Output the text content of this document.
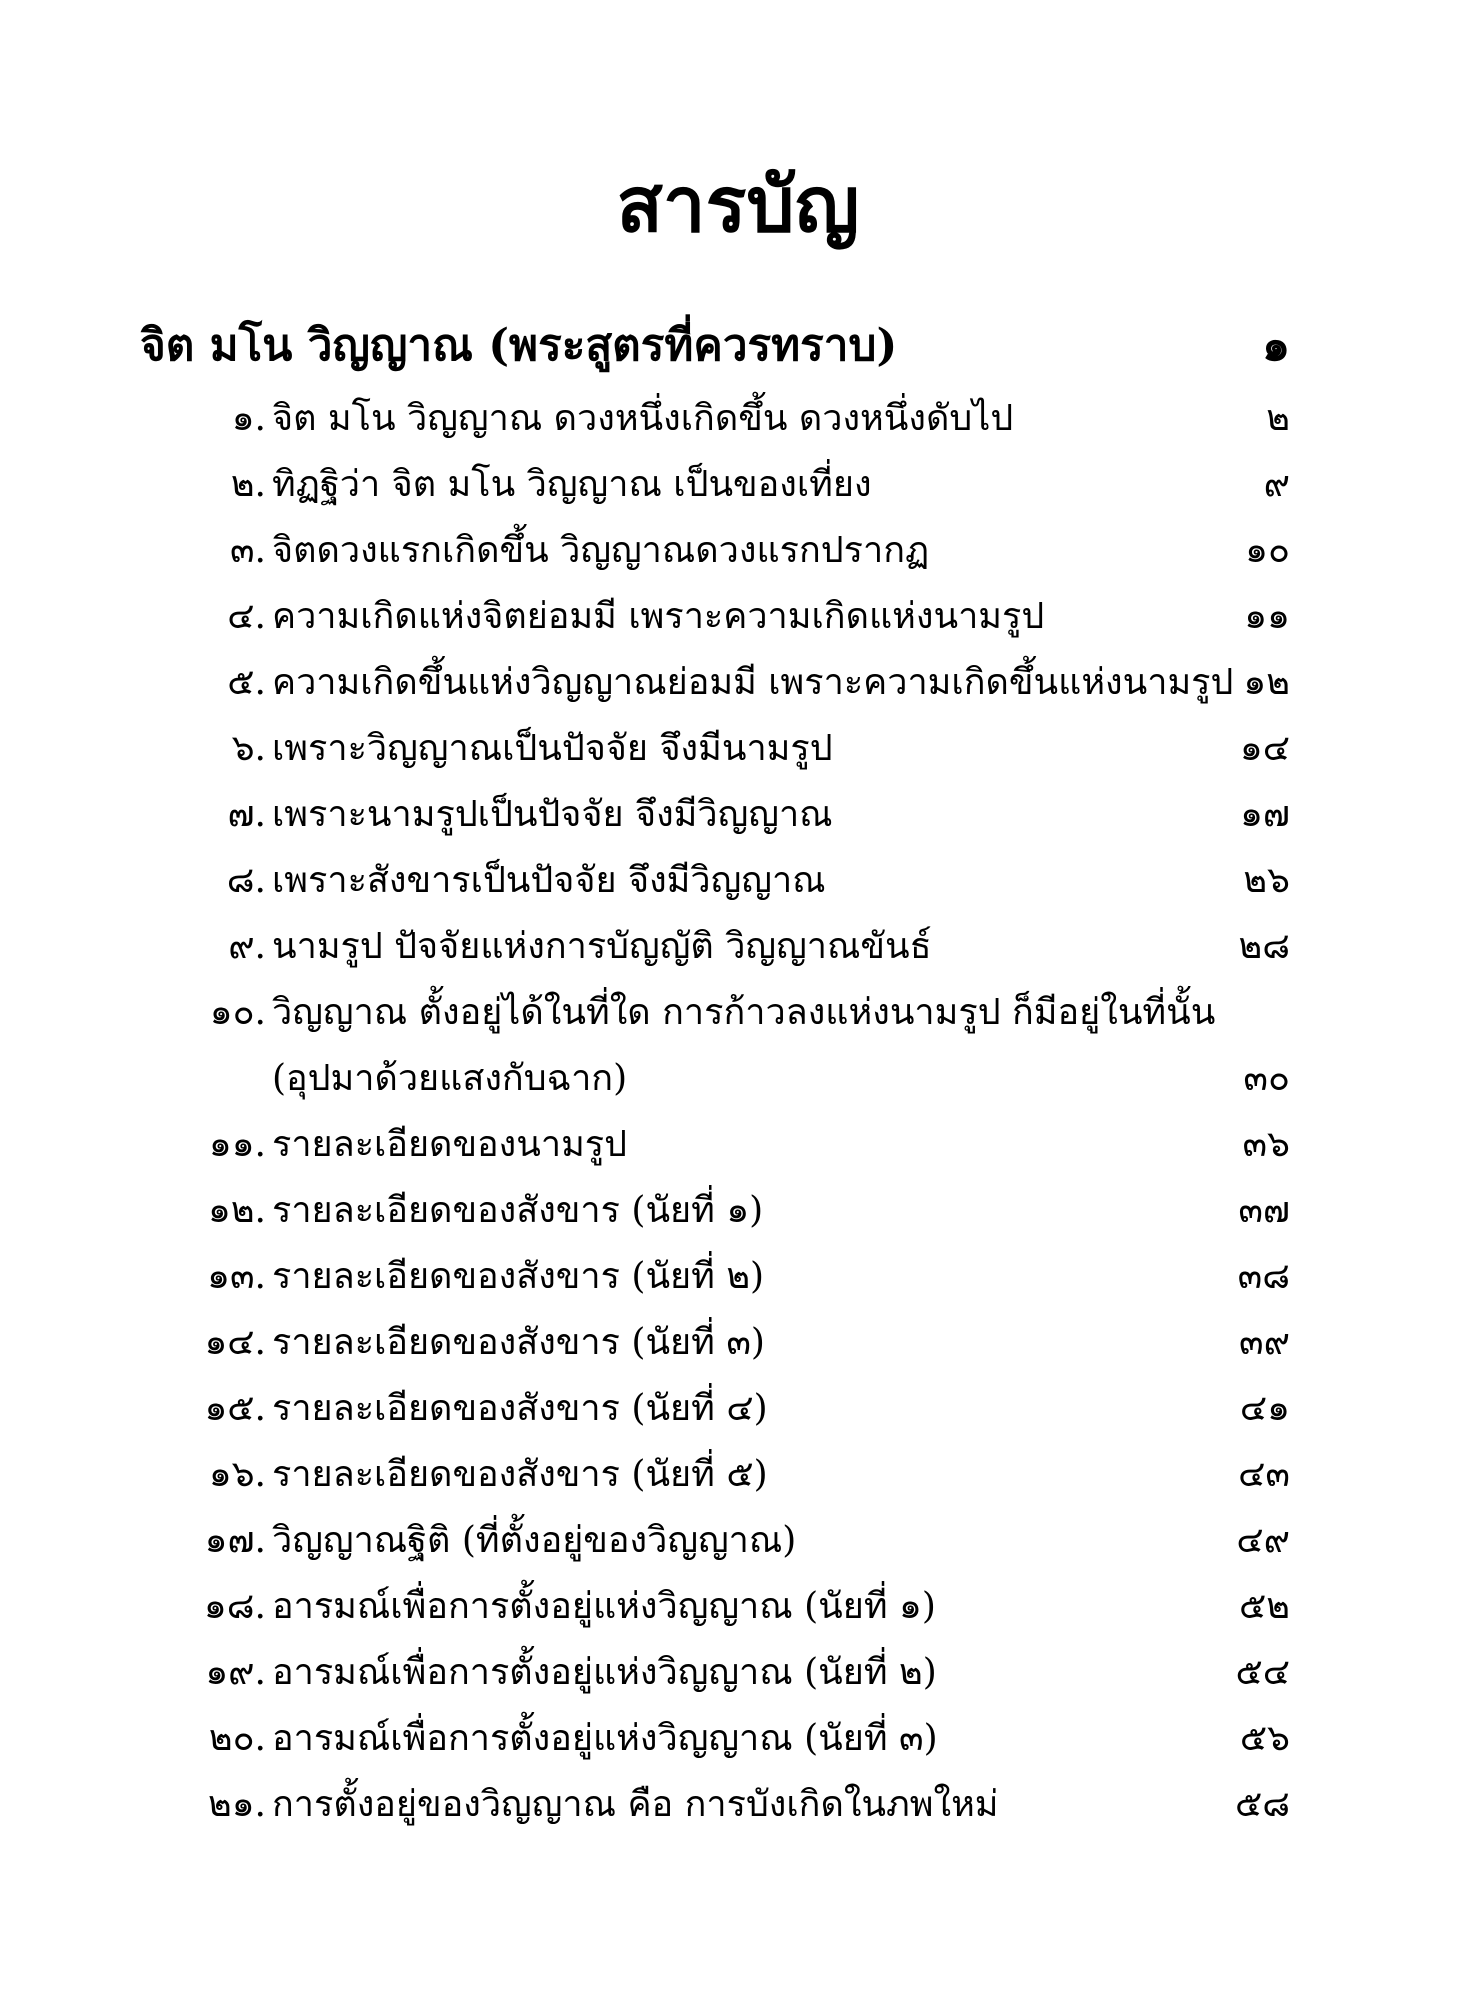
สารบัญ
จิต มโน วิญญาณ (พระสูตรที่ควรทราบ)	๑
๑. จิต มโน วิญญาณ ดวงหนึ่งเกิดขึ้น ดวงหนึ่งดับไป	๒
๒. ทิฏฐิว่า จิต มโน วิญญาณ เป็นของเที่ยง	๙
๓. จิตดวงแรกเกิดขึ้น วิญญาณดวงแรกปรากฏ	๑๐
๔. ความเกิดแห่งจิตย่อมมี เพราะความเกิดแห่งนามรูป	๑๑
๕. ความเกิดขึ้นแห่งวิญญาณย่อมมี เพราะความเกิดขึ้นแห่งนามรูป ๑๒
๖. เพราะวิญญาณเป็นปัจจัย จึงมีนามรูป	๑๔
๗. เพราะนามรูปเป็นปัจจัย จึงมีวิญญาณ	๑๗
๘. เพราะสังขารเป็นปัจจัย จึงมีวิญญาณ	๒๖
๙. นามรูป ปัจจัยแห่งการบัญญัติ วิญญาณขันธ์	๒๘
๑๐. วิญญาณ ตั้งอยู่ได้ในที่ใด การก้าวลงแห่งนามรูป ก็มีอยู่ในที่นั้น
(อุปมาด้วยแสงกับฉาก)	๓๐
๑๑. รายละเอียดของนามรูป	๓๖
๑๒. รายละเอียดของสังขาร (นัยที่ ๑)	๓๗
๑๓. รายละเอียดของสังขาร (นัยที่ ๒)	๓๘
๑๔. รายละเอียดของสังขาร (นัยที่ ๓)	๓๙
๑๕. รายละเอียดของสังขาร (นัยที่ ๔)	๔๑
๑๖. รายละเอียดของสังขาร (นัยที่ ๕)	๔๓
๑๗. วิญญาณฐิติ (ที่ตั้งอยู่ของวิญญาณ)	๔๙
๑๘. อารมณ์เพื่อการตั้งอยู่แห่งวิญญาณ (นัยที่ ๑)	๕๒
๑๙. อารมณ์เพื่อการตั้งอยู่แห่งวิญญาณ (นัยที่ ๒)	๕๔
๒๐. อารมณ์เพื่อการตั้งอยู่แห่งวิญญาณ (นัยที่ ๓)	๕๖
๒๑. การตั้งอยู่ของวิญญาณ คือ การบังเกิดในภพใหม่	๕๘
